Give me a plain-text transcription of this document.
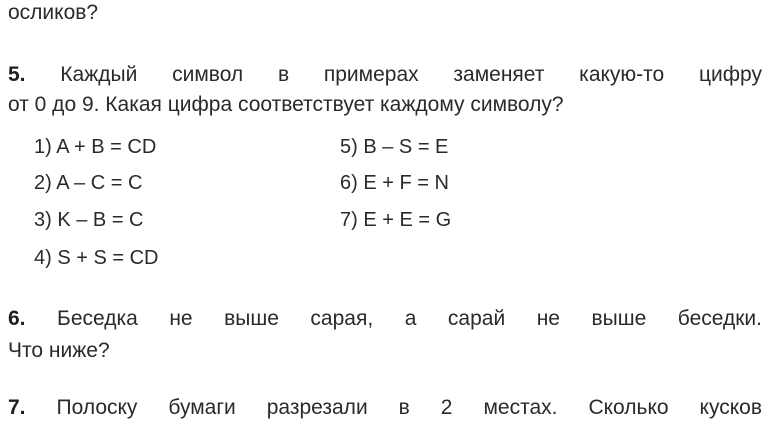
осликов?
5. Каждый символ в примерах заменяет какую-то цифру
от 0 до 9. Какая цифра соответствует каждому символу?
1) A + B = CD
2) A – C = C
3) K – B = C
4) S + S = CD
5) B – S = E
6) E + F = N
7) E + E = G
6. Беседка не выше сарая, а сарай не выше беседки.
Что ниже?
7. Полоску бумаги разрезали в 2 местах. Сколько кусков
